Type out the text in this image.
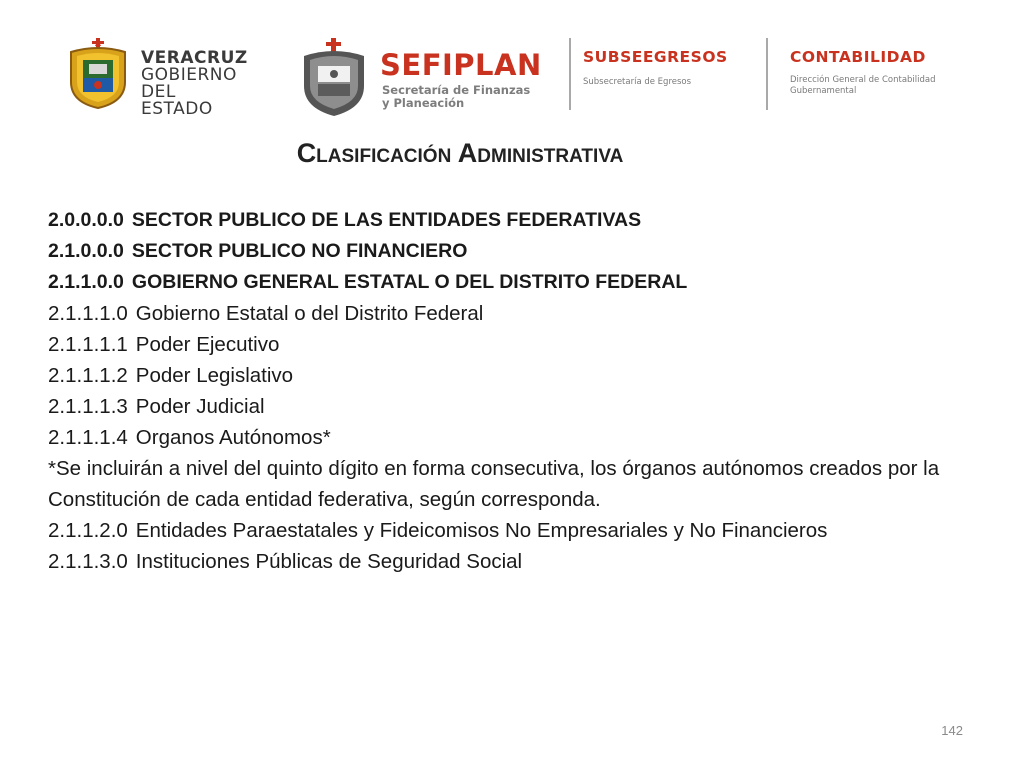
VERACRUZ
GOBIERNO
DEL ESTADO
SEFIPLAN
Secretaría de Finanzas
y Planeación
SUBSEEGRESOS
Subsecretaría de Egresos
CONTABILIDAD
Dirección General de Contabilidad
Gubernamental
Clasificación Administrativa
2.0.0.0.0 SECTOR PUBLICO DE LAS ENTIDADES FEDERATIVAS
2.1.0.0.0 SECTOR PUBLICO NO FINANCIERO
2.1.1.0.0 GOBIERNO GENERAL ESTATAL O DEL DISTRITO FEDERAL
2.1.1.1.0 Gobierno Estatal o del Distrito Federal
2.1.1.1.1 Poder Ejecutivo
2.1.1.1.2 Poder Legislativo
2.1.1.1.3 Poder Judicial
2.1.1.1.4 Organos Autónomos*
*Se incluirán a nivel del quinto dígito en forma consecutiva, los órganos autónomos creados por la Constitución de cada entidad federativa, según corresponda.
2.1.1.2.0 Entidades Paraestatales y Fideicomisos No Empresariales y No Financieros
2.1.1.3.0 Instituciones Públicas de Seguridad Social
142
